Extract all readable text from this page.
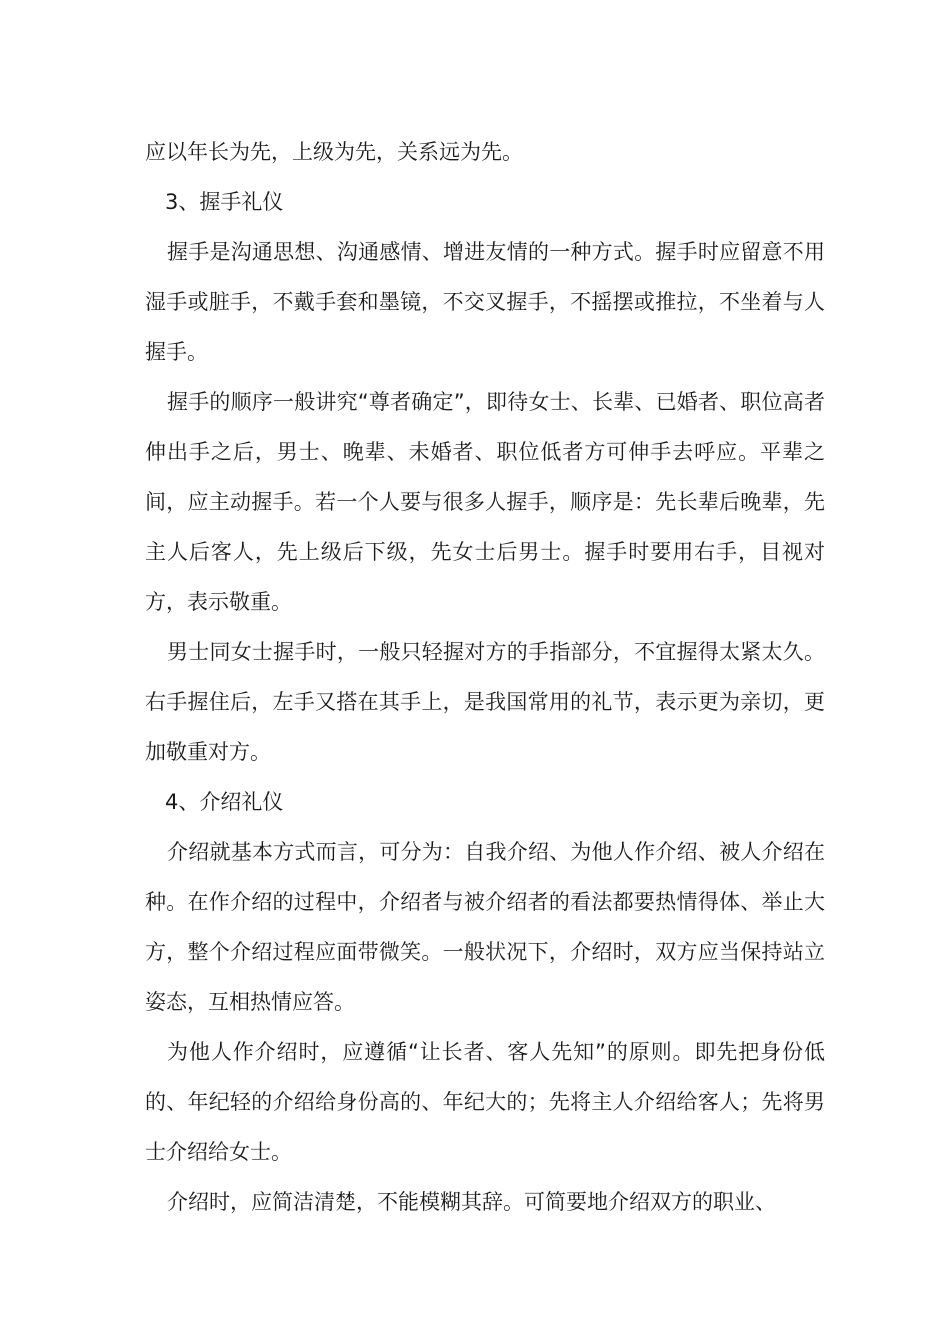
应以年长为先，上级为先，关系远为先。

3、握手礼仪

握手是沟通思想、沟通感情、增进友情的一种方式。握手时应留意不用湿手或脏手，不戴手套和墨镜，不交叉握手，不摇摆或推拉，不坐着与人握手。

握手的顺序一般讲究“尊者确定”，即待女士、长辈、已婚者、职位高者伸出手之后，男士、晚辈、未婚者、职位低者方可伸手去呼应。平辈之间，应主动握手。若一个人要与很多人握手，顺序是：先长辈后晚辈，先主人后客人，先上级后下级，先女士后男士。握手时要用右手，目视对方，表示敬重。

男士同女士握手时，一般只轻握对方的手指部分，不宜握得太紧太久。右手握住后，左手又搭在其手上，是我国常用的礼节，表示更为亲切，更加敬重对方。

4、介绍礼仪

介绍就基本方式而言，可分为：自我介绍、为他人作介绍、被人介绍在种。在作介绍的过程中，介绍者与被介绍者的看法都要热情得体、举止大方，整个介绍过程应面带微笑。一般状况下，介绍时，双方应当保持站立姿态，互相热情应答。

为他人作介绍时，应遵循“让长者、客人先知”的原则。即先把身份低的、年纪轻的介绍给身份高的、年纪大的；先将主人介绍给客人；先将男士介绍给女士。

介绍时，应简洁清楚，不能模糊其辞。可简要地介绍双方的职业、
